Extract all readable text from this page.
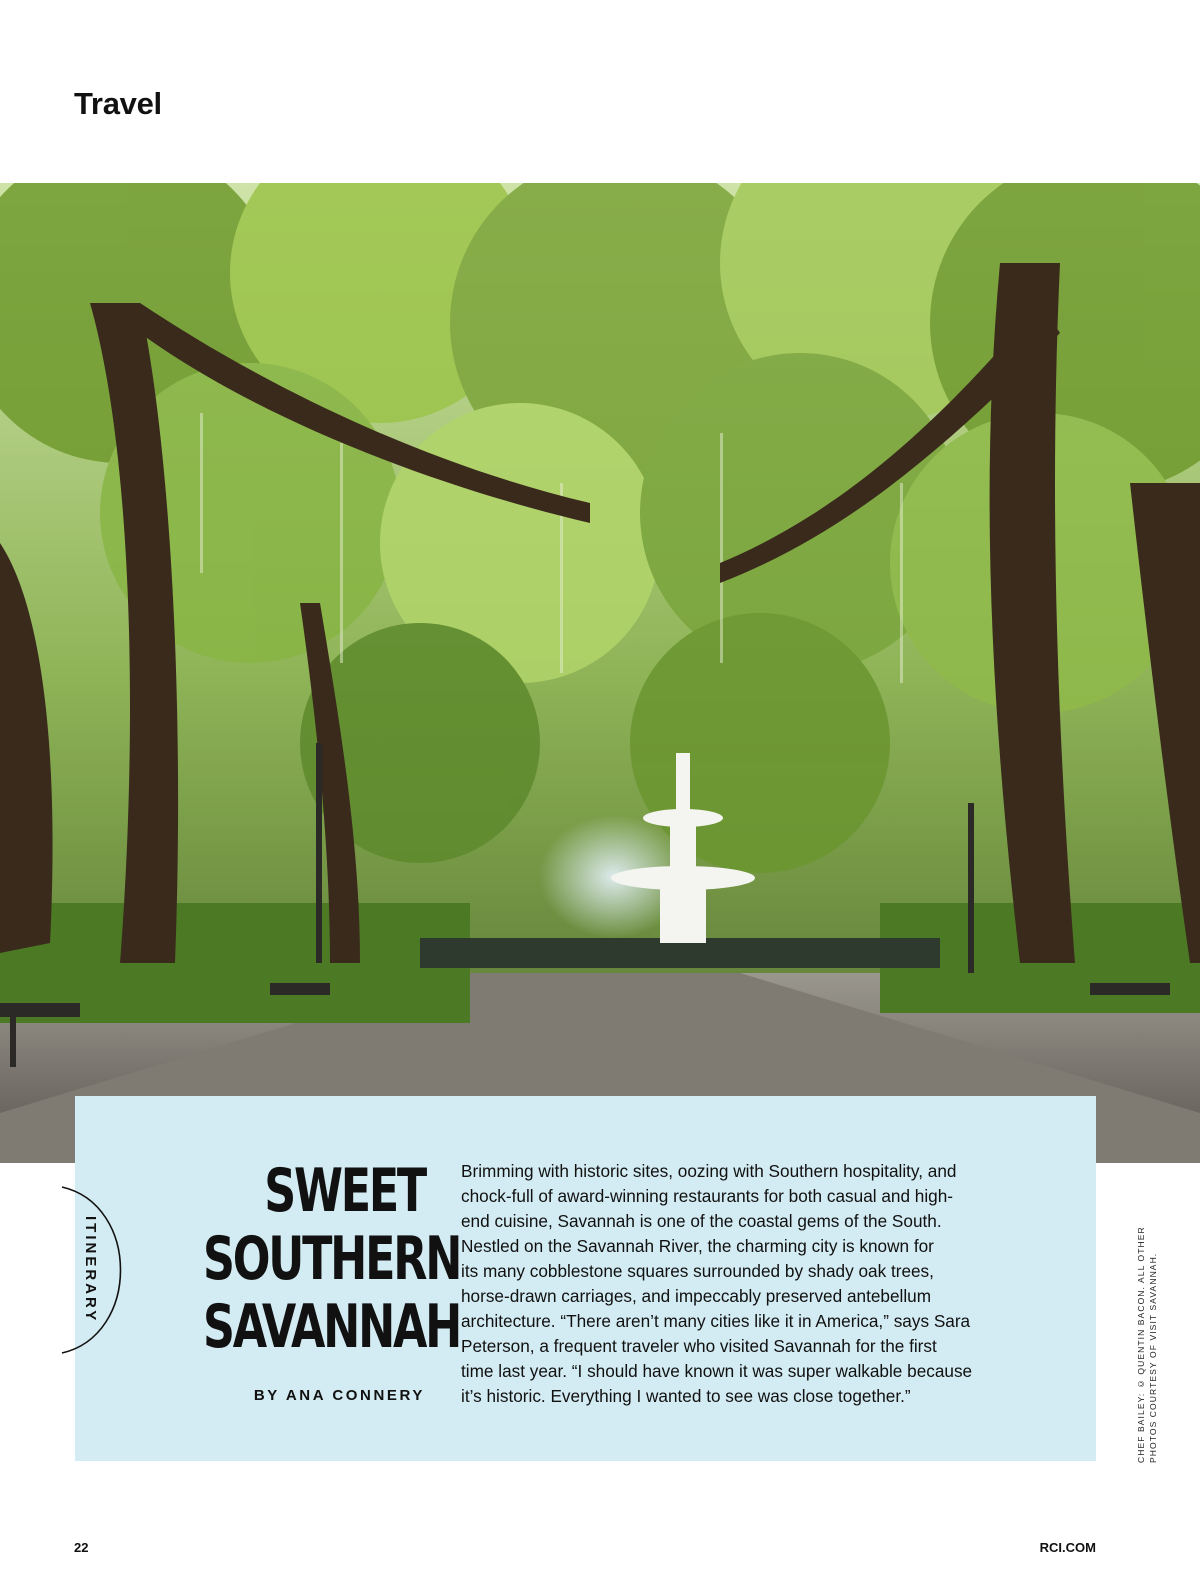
Travel
ITINERARY
SWEET
SOUTHERN
SAVANNAH
BY ANA CONNERY
Brimming with historic sites, oozing with Southern hospitality, and
chock-full of award-winning restaurants for both casual and high-
end cuisine, Savannah is one of the coastal gems of the South.
Nestled on the Savannah River, the charming city is known for
its many cobblestone squares surrounded by shady oak trees,
horse-drawn carriages, and impeccably preserved antebellum
architecture. “There aren’t many cities like it in America,” says Sara
Peterson, a frequent traveler who visited Savannah for the first
time last year. “I should have known it was super walkable because
it’s historic. Everything I wanted to see was close together.”	CHEF BAILEY: © QUENTIN BACON. ALL OTHER PHOTOS COURTESY OF VISIT SAVANNAH.
22	RCI.COM
